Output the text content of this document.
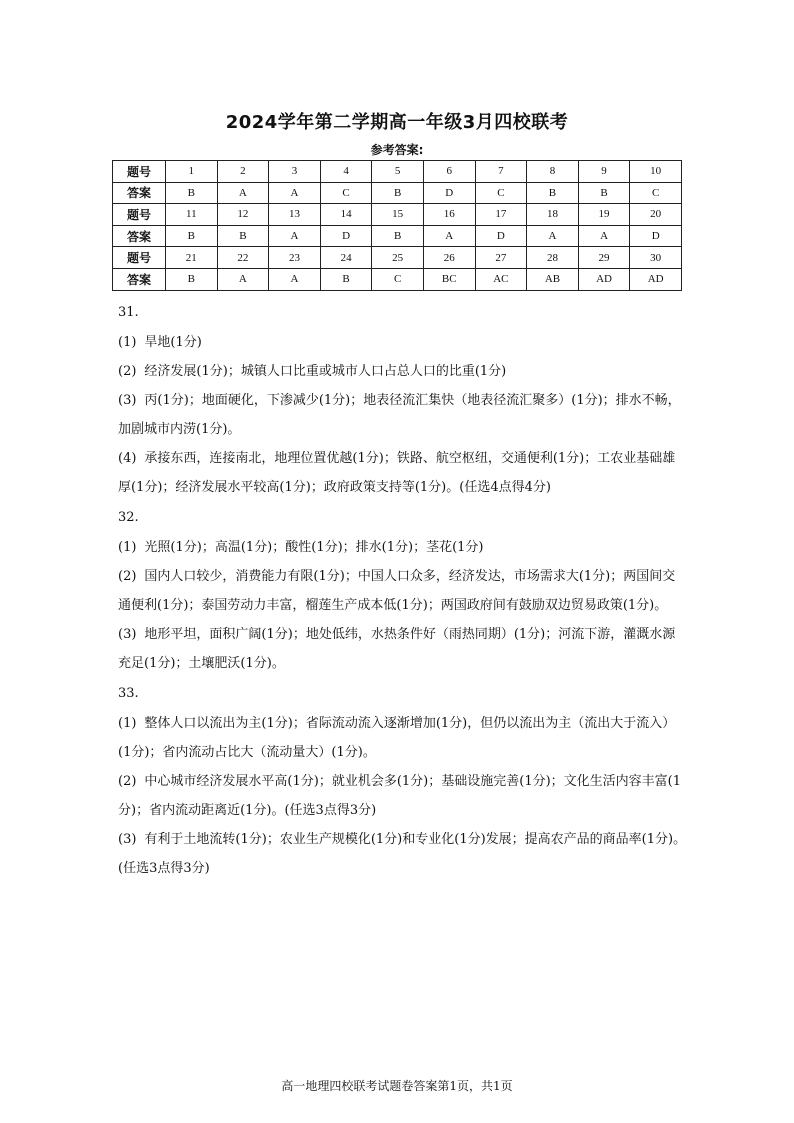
2024学年第二学期高一年级3月四校联考
参考答案:
题号	1	2	3	4	5	6	7	8	9	10
答案	B	A	A	C	B	D	C	B	B	C
题号	11	12	13	14	15	16	17	18	19	20
答案	B	B	A	D	B	A	D	A	A	D
题号	21	22	23	24	25	26	27	28	29	30
答案	B	A	A	B	C	BC	AC	AB	AD	AD
31.
(1) 旱地(1分)
(2) 经济发展(1分)；城镇人口比重或城市人口占总人口的比重(1分)
(3) 丙(1分)；地面硬化，下渗减少(1分)；地表径流汇集快（地表径流汇聚多）(1分)；排水不畅，加剧城市内涝(1分)。
(4) 承接东西，连接南北，地理位置优越(1分)；铁路、航空枢纽，交通便利(1分)；工农业基础雄厚(1分)；经济发展水平较高(1分)；政府政策支持等(1分)。(任选4点得4分)
32.
(1) 光照(1分)；高温(1分)；酸性(1分)；排水(1分)；茎花(1分)
(2) 国内人口较少，消费能力有限(1分)；中国人口众多，经济发达，市场需求大(1分)；两国间交通便利(1分)；泰国劳动力丰富，榴莲生产成本低(1分)；两国政府间有鼓励双边贸易政策(1分)。
(3) 地形平坦，面积广阔(1分)；地处低纬，水热条件好（雨热同期）(1分)；河流下游，灌溉水源充足(1分)；土壤肥沃(1分)。
33.
(1) 整体人口以流出为主(1分)；省际流动流入逐渐增加(1分)，但仍以流出为主（流出大于流入）(1分)；省内流动占比大（流动量大）(1分)。
(2) 中心城市经济发展水平高(1分)；就业机会多(1分)；基础设施完善(1分)；文化生活内容丰富(1分)；省内流动距离近(1分)。(任选3点得3分)
(3) 有利于土地流转(1分)；农业生产规模化(1分)和专业化(1分)发展；提高农产品的商品率(1分)。(任选3点得3分)
高一地理四校联考试题卷答案第1页，共1页
